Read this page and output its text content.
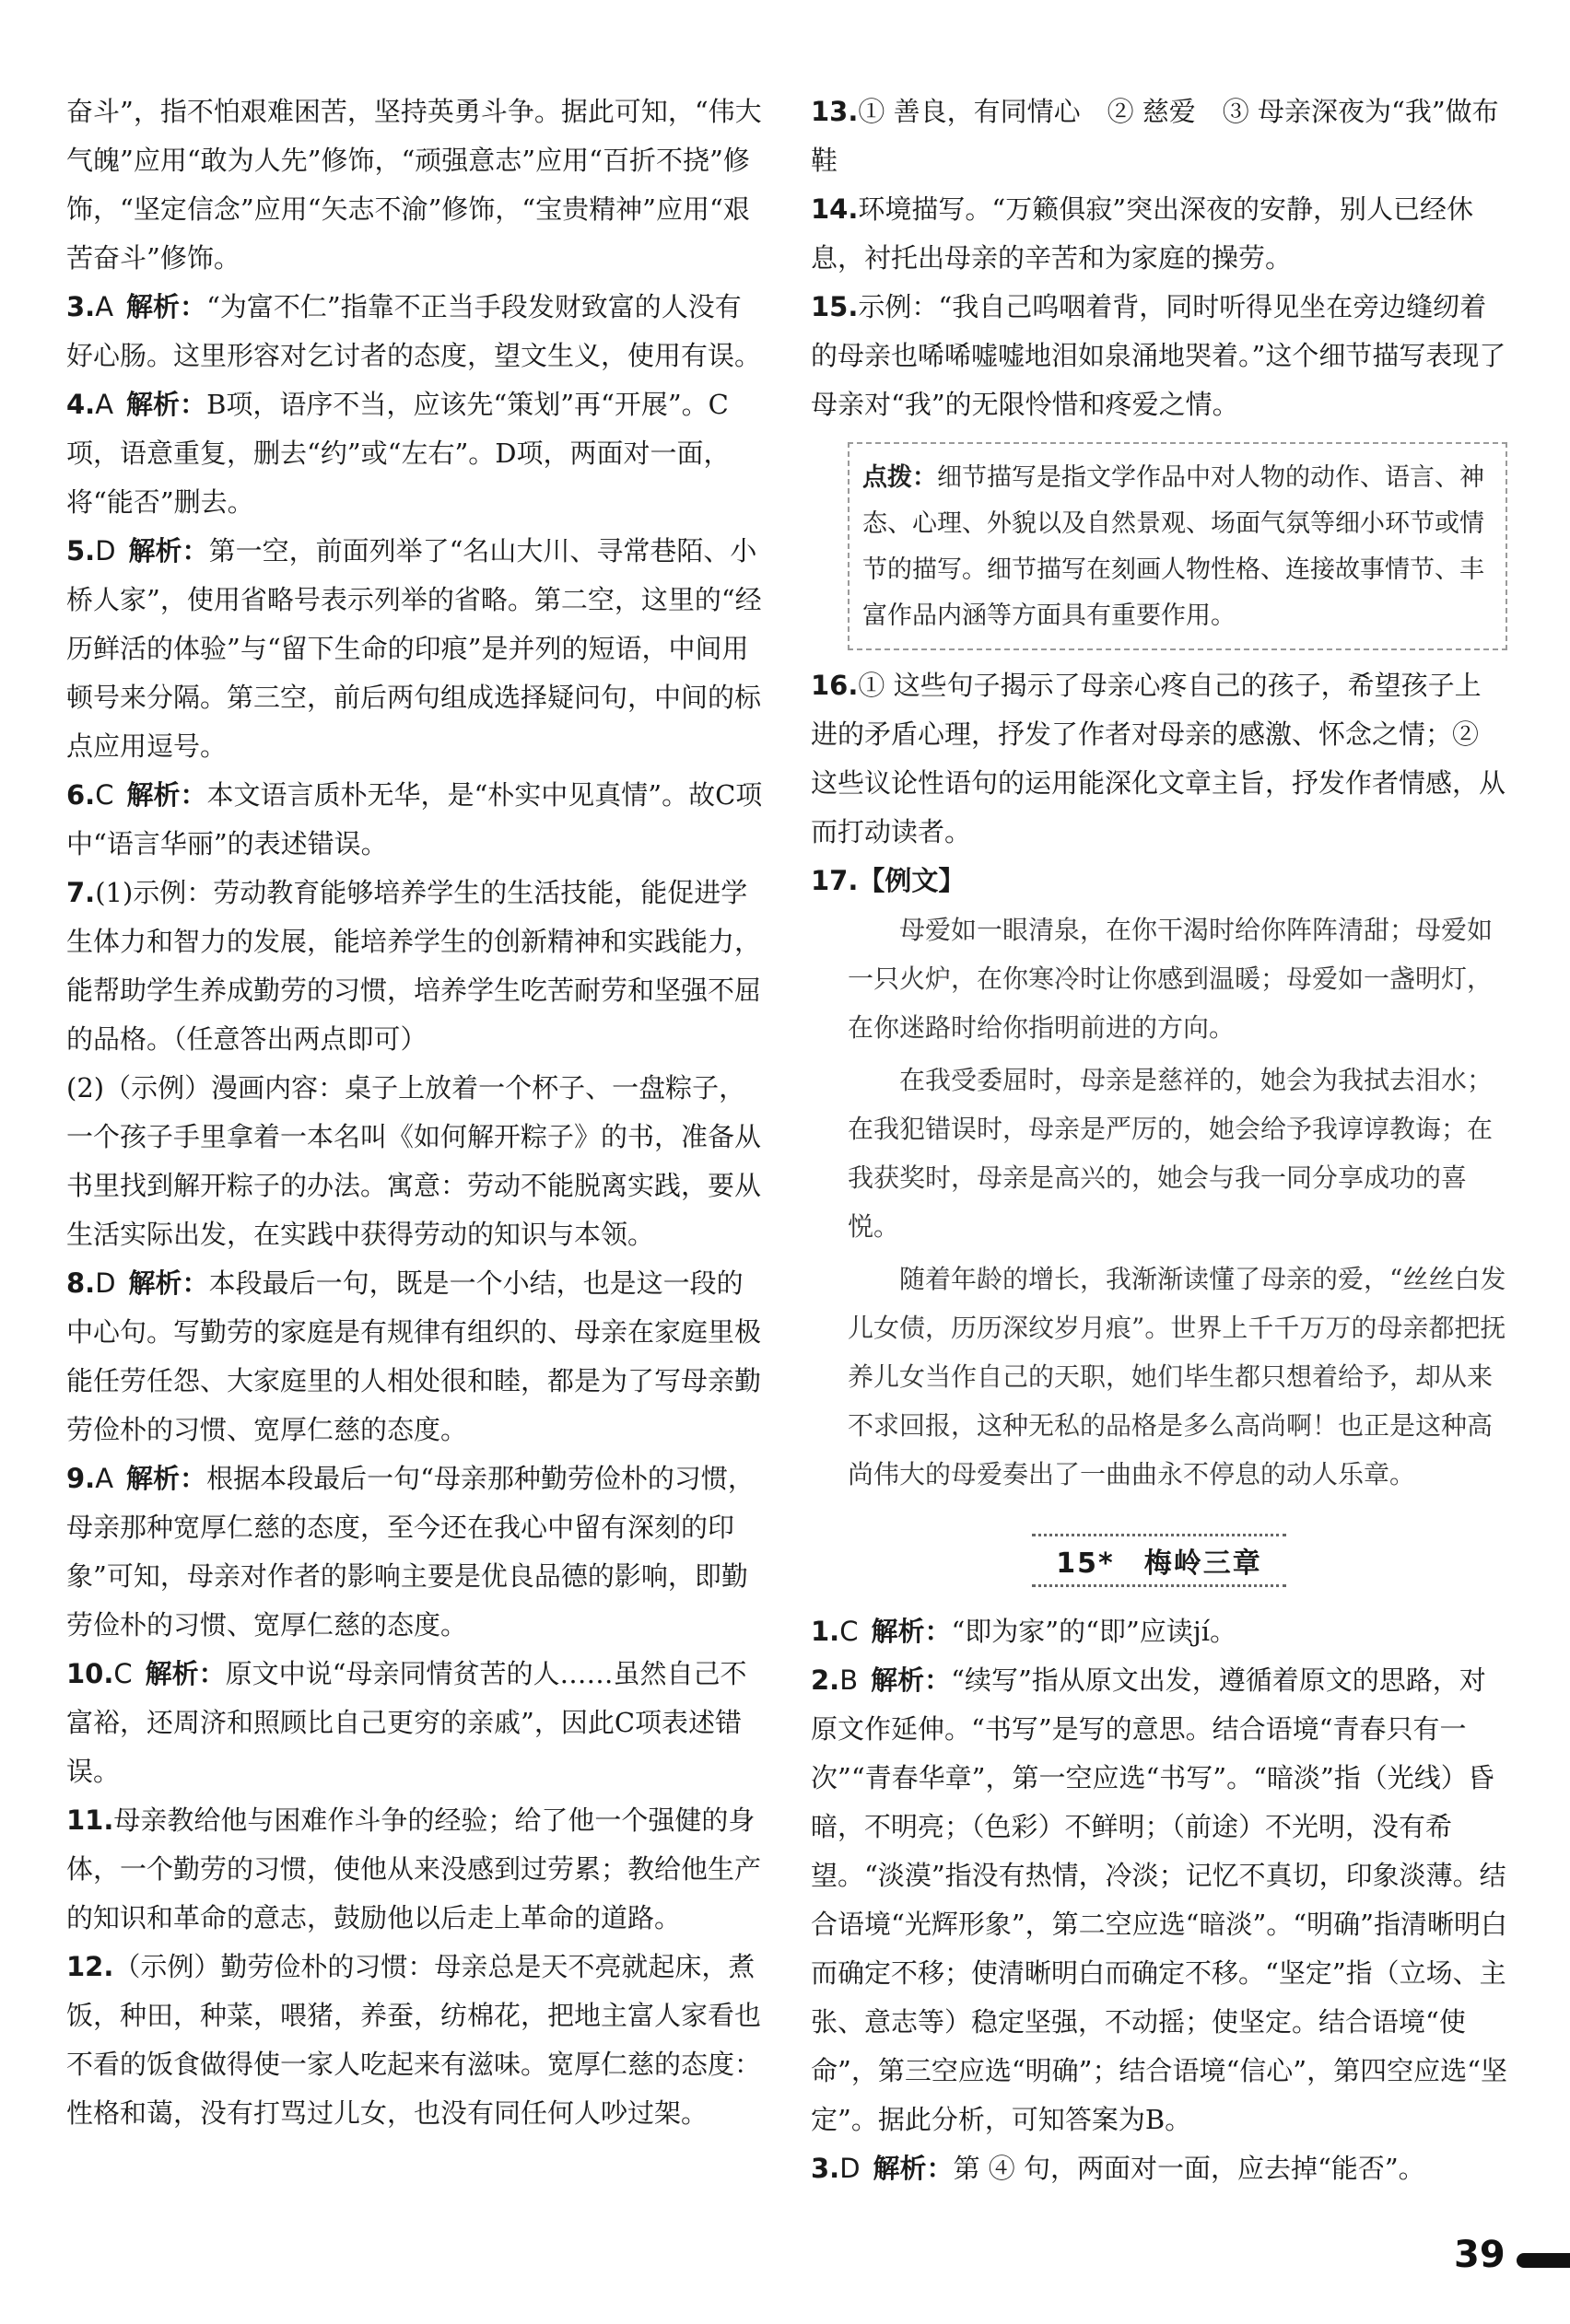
奋斗”，指不怕艰难困苦，坚持英勇斗争。据此可知，“伟大气魄”应用“敢为人先”修饰，“顽强意志”应用“百折不挠”修饰，“坚定信念”应用“矢志不渝”修饰，“宝贵精神”应用“艰苦奋斗”修饰。

3.A 解析：“为富不仁”指靠不正当手段发财致富的人没有好心肠。这里形容对乞讨者的态度，望文生义，使用有误。

4.A 解析：B项，语序不当，应该先“策划”再“开展”。C项，语意重复，删去“约”或“左右”。D项，两面对一面，将“能否”删去。

5.D 解析：第一空，前面列举了“名山大川、寻常巷陌、小桥人家”，使用省略号表示列举的省略。第二空，这里的“经历鲜活的体验”与“留下生命的印痕”是并列的短语，中间用顿号来分隔。第三空，前后两句组成选择疑问句，中间的标点应用逗号。

6.C 解析：本文语言质朴无华，是“朴实中见真情”。故C项中“语言华丽”的表述错误。

7.(1)示例：劳动教育能够培养学生的生活技能，能促进学生体力和智力的发展，能培养学生的创新精神和实践能力，能帮助学生养成勤劳的习惯，培养学生吃苦耐劳和坚强不屈的品格。（任意答出两点即可）

(2)（示例）漫画内容：桌子上放着一个杯子、一盘粽子，一个孩子手里拿着一本名叫《如何解开粽子》的书，准备从书里找到解开粽子的办法。寓意：劳动不能脱离实践，要从生活实际出发，在实践中获得劳动的知识与本领。

8.D 解析：本段最后一句，既是一个小结，也是这一段的中心句。写勤劳的家庭是有规律有组织的、母亲在家庭里极能任劳任怨、大家庭里的人相处很和睦，都是为了写母亲勤劳俭朴的习惯、宽厚仁慈的态度。

9.A 解析：根据本段最后一句“母亲那种勤劳俭朴的习惯，母亲那种宽厚仁慈的态度，至今还在我心中留有深刻的印象”可知，母亲对作者的影响主要是优良品德的影响，即勤劳俭朴的习惯、宽厚仁慈的态度。

10.C 解析：原文中说“母亲同情贫苦的人……虽然自己不富裕，还周济和照顾比自己更穷的亲戚”，因此C项表述错误。

11.母亲教给他与困难作斗争的经验；给了他一个强健的身体，一个勤劳的习惯，使他从来没感到过劳累；教给他生产的知识和革命的意志，鼓励他以后走上革命的道路。

12.（示例）勤劳俭朴的习惯：母亲总是天不亮就起床，煮饭，种田，种菜，喂猪，养蚕，纺棉花，把地主富人家看也不看的饭食做得使一家人吃起来有滋味。宽厚仁慈的态度：性格和蔼，没有打骂过儿女，也没有同任何人吵过架。

13.① 善良，有同情心　② 慈爱　③ 母亲深夜为“我”做布鞋

14.环境描写。“万籁俱寂”突出深夜的安静，别人已经休息，衬托出母亲的辛苦和为家庭的操劳。

15.示例：“我自己呜咽着背，同时听得见坐在旁边缝纫着的母亲也唏唏嘘嘘地泪如泉涌地哭着。”这个细节描写表现了母亲对“我”的无限怜惜和疼爱之情。

点拨：细节描写是指文学作品中对人物的动作、语言、神态、心理、外貌以及自然景观、场面气氛等细小环节或情节的描写。细节描写在刻画人物性格、连接故事情节、丰富作品内涵等方面具有重要作用。

16.① 这些句子揭示了母亲心疼自己的孩子，希望孩子上进的矛盾心理，抒发了作者对母亲的感激、怀念之情；② 这些议论性语句的运用能深化文章主旨，抒发作者情感，从而打动读者。

17.【例文】

母爱如一眼清泉，在你干渴时给你阵阵清甜；母爱如一只火炉，在你寒冷时让你感到温暖；母爱如一盏明灯，在你迷路时给你指明前进的方向。

在我受委屈时，母亲是慈祥的，她会为我拭去泪水；在我犯错误时，母亲是严厉的，她会给予我谆谆教诲；在我获奖时，母亲是高兴的，她会与我一同分享成功的喜悦。

随着年龄的增长，我渐渐读懂了母亲的爱，“丝丝白发儿女债，历历深纹岁月痕”。世界上千千万万的母亲都把抚养儿女当作自己的天职，她们毕生都只想着给予，却从来不求回报，这种无私的品格是多么高尚啊！也正是这种高尚伟大的母爱奏出了一曲曲永不停息的动人乐章。

15*　梅岭三章

1.C 解析：“即为家”的“即”应读jí。

2.B 解析：“续写”指从原文出发，遵循着原文的思路，对原文作延伸。“书写”是写的意思。结合语境“青春只有一次”“青春华章”，第一空应选“书写”。“暗淡”指（光线）昏暗，不明亮；（色彩）不鲜明；（前途）不光明，没有希望。“淡漠”指没有热情，冷淡；记忆不真切，印象淡薄。结合语境“光辉形象”，第二空应选“暗淡”。“明确”指清晰明白而确定不移；使清晰明白而确定不移。“坚定”指（立场、主张、意志等）稳定坚强，不动摇；使坚定。结合语境“使命”，第三空应选“明确”；结合语境“信心”，第四空应选“坚定”。据此分析，可知答案为B。

3.D 解析：第 ④ 句，两面对一面，应去掉“能否”。

39
